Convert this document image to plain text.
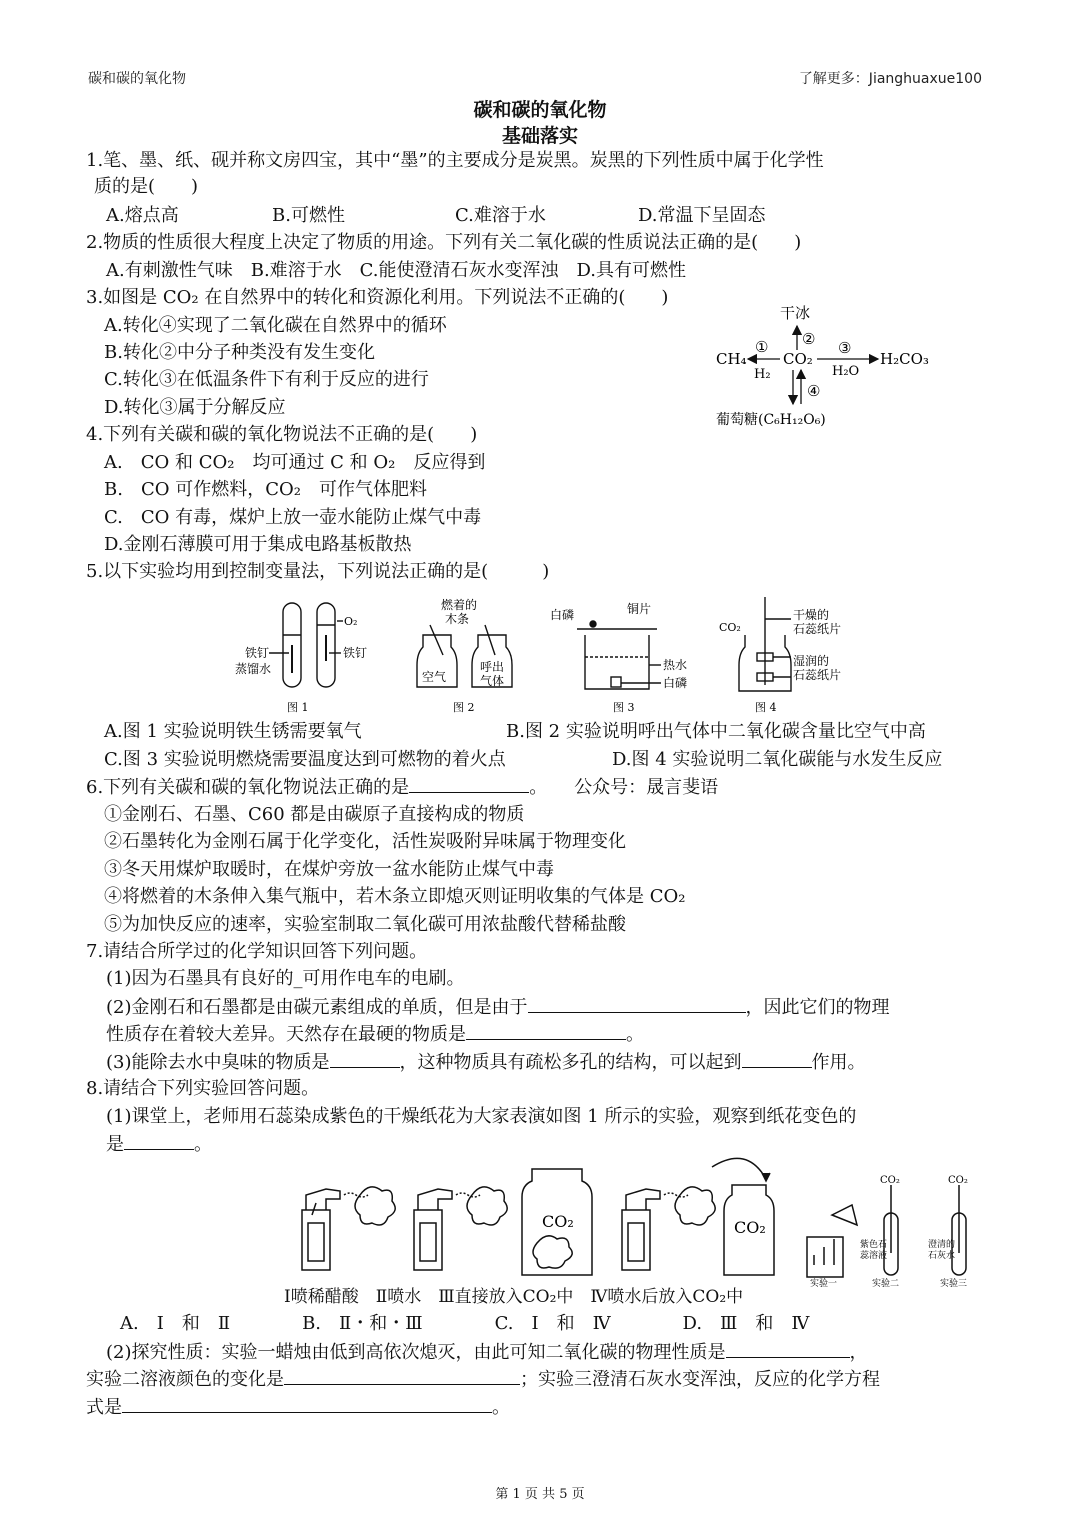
碳和碳的氧化物	了解更多：Jianghuaxue100
碳和碳的氧化物
基础落实
1.笔、墨、纸、砚并称文房四宝，其中“墨”的主要成分是炭黑。炭黑的下列性质中属于化学性
质的是(　　)
A.熔点高	B.可燃性	C.难溶于水	D.常温下呈固态
2.物质的性质很大程度上决定了物质的用途。下列有关二氧化碳的性质说法正确的是(　　)
A.有刺激性气味　B.难溶于水　C.能使澄清石灰水变浑浊　D.具有可燃性
3.如图是 CO₂ 在自然界中的转化和资源化利用。下列说法不正确的(　　)
A.转化④实现了二氧化碳在自然界中的循环
B.转化②中分子种类没有发生变化
C.转化③在低温条件下有利于反应的进行
D.转化③属于分解反应
干冰
②
CO₂
CH₄
①
H₂
③
H₂O
H₂CO₃
④
葡萄糖(C₆H₁₂O₆)
4.下列有关碳和碳的氧化物说法不正确的是(　　)
A.　CO 和 CO₂　均可通过 C 和 O₂　反应得到
B.　CO 可作燃料，CO₂　可作气体肥料
C.　CO 有毒，煤炉上放一壶水能防止煤气中毒
D.金刚石薄膜可用于集成电路基板散热
5.以下实验均用到控制变量法，下列说法正确的是(　　　)
O₂
铁钉
蒸馏水
铁钉
图 1
燃着的
木条
空气
呼出
气体
图 2
白磷	铜片
热水
白磷
图 3
CO₂
干燥的
石蕊纸片
湿润的
石蕊纸片
图 4
A.图 1 实验说明铁生锈需要氧气	B.图 2 实验说明呼出气体中二氧化碳含量比空气中高
C.图 3 实验说明燃烧需要温度达到可燃物的着火点	D.图 4 实验说明二氧化碳能与水发生反应
6.下列有关碳和碳的氧化物说法正确的是	。　　公众号：晟言斐语
①金刚石、石墨、C60 都是由碳原子直接构成的物质
②石墨转化为金刚石属于化学变化，活性炭吸附异味属于物理变化
③冬天用煤炉取暖时，在煤炉旁放一盆水能防止煤气中毒
④将燃着的木条伸入集气瓶中，若木条立即熄灭则证明收集的气体是 CO₂
⑤为加快反应的速率，实验室制取二氧化碳可用浓盐酸代替稀盐酸
7.请结合所学过的化学知识回答下列问题。
(1)因为石墨具有良好的_可用作电车的电刷。
(2)金刚石和石墨都是由碳元素组成的单质，但是由于	，因此它们的物理
性质存在着较大差异。天然存在最硬的物质是	。
(3)能除去水中臭味的物质是	，这种物质具有疏松多孔的结构，可以起到	作用。
8.请结合下列实验回答问题。
(1)课堂上，老师用石蕊染成紫色的干燥纸花为大家表演如图 1 所示的实验，观察到纸花变色的
是	。
CO₂	CO₂
CO₂	CO₂
紫色石
蕊溶液
澄清的
石灰水
实验一	实验二	实验三
Ⅰ喷稀醋酸　Ⅱ喷水　Ⅲ直接放入CO₂中　Ⅳ喷水后放入CO₂中
A.　Ⅰ　和　Ⅱ　　　　B.　Ⅱ・和・Ⅲ　　　　C.　Ⅰ　和　Ⅳ　　　　D.　Ⅲ　和　Ⅳ
(2)探究性质：实验一蜡烛由低到高依次熄灭，由此可知二氧化碳的物理性质是	，
实验二溶液颜色的变化是	；实验三澄清石灰水变浑浊，反应的化学方程
式是	。
第 1 页 共 5 页
